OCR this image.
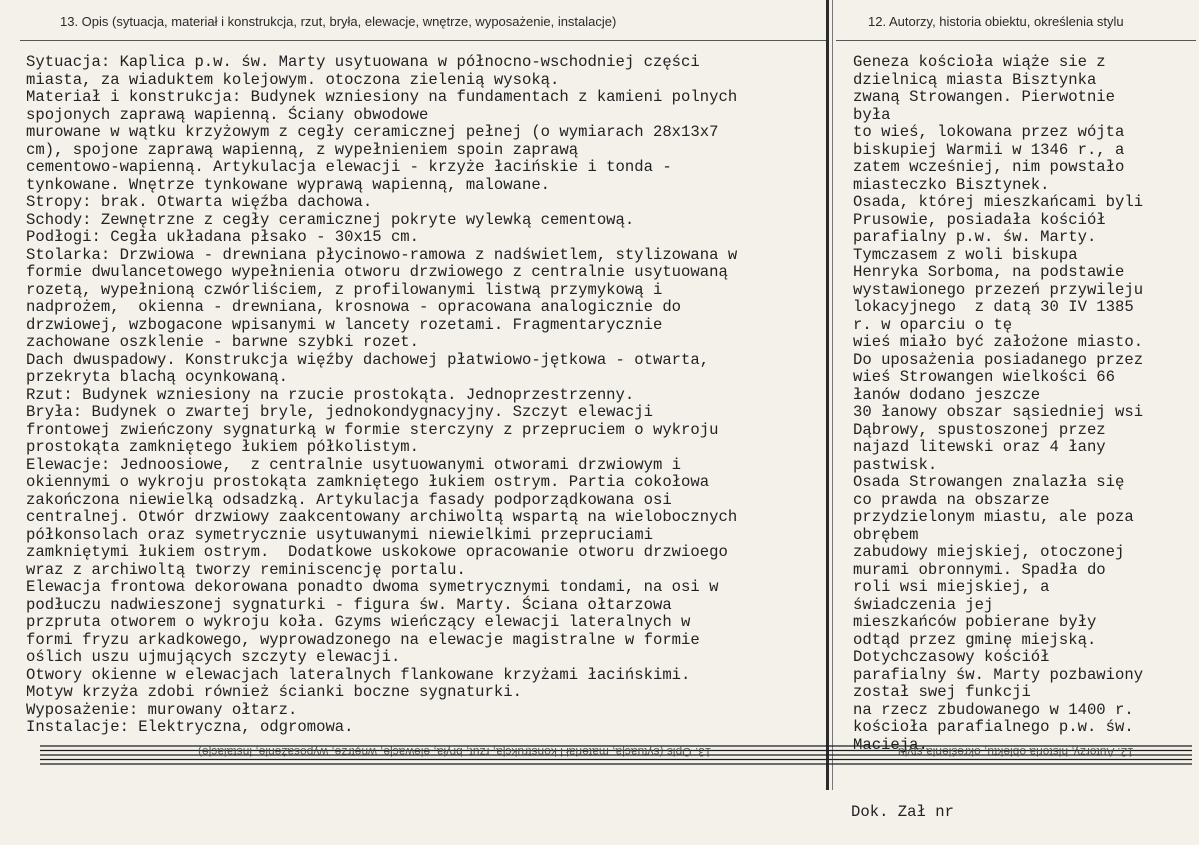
13. Opis (sytuacja, materiał i konstrukcja, rzut, bryła, elewacje, wnętrze, wyposażenie, instalacje)	12. Autorzy, historia obiektu, określenia stylu
Sytuacja: Kaplica p.w. św. Marty usytuowana w północno-wschodniej części
miasta, za wiaduktem kolejowym. otoczona zielenią wysoką.
Materiał i konstrukcja: Budynek wzniesiony na fundamentach z kamieni polnych
spojonych zaprawą wapienną. Ściany obwodowe
murowane w wątku krzyżowym z cegły ceramicznej pełnej (o wymiarach 28x13x7
cm), spojone zaprawą wapienną, z wypełnieniem spoin zaprawą
cementowo-wapienną. Artykulacja elewacji - krzyże łacińskie i tonda -
tynkowane. Wnętrze tynkowane wyprawą wapienną, malowane.
Stropy: brak. Otwarta więźba dachowa.
Schody: Zewnętrzne z cegły ceramicznej pokryte wylewką cementową.
Podłogi: Cegła układana płsako - 30x15 cm.
Stolarka: Drzwiowa - drewniana płycinowo-ramowa z nadświetlem, stylizowana w
formie dwulancetowego wypełnienia otworu drzwiowego z centralnie usytuowaną
rozetą, wypełnioną czwórliściem, z profilowanymi listwą przymykową i
nadprożem,  okienna - drewniana, krosnowa - opracowana analogicznie do
drzwiowej, wzbogacone wpisanymi w lancety rozetami. Fragmentarycznie
zachowane oszklenie - barwne szybki rozet.
Dach dwuspadowy. Konstrukcja więźby dachowej płatwiowo-jętkowa - otwarta,
przekryta blachą ocynkowaną.
Rzut: Budynek wzniesiony na rzucie prostokąta. Jednoprzestrzenny.
Bryła: Budynek o zwartej bryle, jednokondygnacyjny. Szczyt elewacji
frontowej zwieńczony sygnaturką w formie sterczyny z przepruciem o wykroju
prostokąta zamkniętego łukiem półkolistym.
Elewacje: Jednoosiowe,  z centralnie usytuowanymi otworami drzwiowym i
okiennymi o wykroju prostokąta zamkniętego łukiem ostrym. Partia cokołowa
zakończona niewielką odsadzką. Artykulacja fasady podporządkowana osi
centralnej. Otwór drzwiowy zaakcentowany archiwoltą wspartą na wielobocznych
półkonsolach oraz symetrycznie usytuwanymi niewielkimi przepruciami
zamkniętymi łukiem ostrym.  Dodatkowe uskokowe opracowanie otworu drzwioego
wraz z archiwoltą tworzy reminiscencję portalu.
Elewacja frontowa dekorowana ponadto dwoma symetrycznymi tondami, na osi w
podłuczu nadwieszonej sygnaturki - figura św. Marty. Ściana ołtarzowa
przpruta otworem o wykroju koła. Gzyms wieńczący elewacji lateralnych w
formi fryzu arkadkowego, wyprowadzonego na elewacje magistralne w formie
oślich uszu ujmujących szczyty elewacji.
Otwory okienne w elewacjach lateralnych flankowane krzyżami łacińskimi.
Motyw krzyża zdobi również ścianki boczne sygnaturki.
Wyposażenie: murowany ołtarz.
Instalacje: Elektryczna, odgromowa.
Geneza kościoła wiąże sie z
dzielnicą miasta Bisztynka
zwaną Strowangen. Pierwotnie
była
to wieś, lokowana przez wójta
biskupiej Warmii w 1346 r., a
zatem wcześniej, nim powstało
miasteczko Bisztynek.
Osada, której mieszkańcami byli
Prusowie, posiadała kościół
parafialny p.w. św. Marty.
Tymczasem z woli biskupa
Henryka Sorboma, na podstawie
wystawionego przezeń przywileju
lokacyjnego  z datą 30 IV 1385
r. w oparciu o tę
wieś miało być założone miasto.
Do uposażenia posiadanego przez
wieś Strowangen wielkości 66
łanów dodano jeszcze
30 łanowy obszar sąsiedniej wsi
Dąbrowy, spustoszonej przez
najazd litewski oraz 4 łany
pastwisk.
Osada Strowangen znalazła się
co prawda na obszarze
przydzielonym miastu, ale poza
obrębem
zabudowy miejskiej, otoczonej
murami obronnymi. Spadła do
roli wsi miejskiej, a
świadczenia jej
mieszkańców pobierane były
odtąd przez gminę miejską.
Dotychczasowy kościół
parafialny św. Marty pozbawiony
został swej funkcji
na rzecz zbudowanego w 1400 r.
kościoła parafialnego p.w. św.
Macieja.
13. Opis (sytuacja, materiał i konstrukcja, rzut, bryła, elewacje, wnętrze, wyposażenie, instalacje)	12. Autorzy, historia obiektu, określenia stylu
Dok. Zał nr
